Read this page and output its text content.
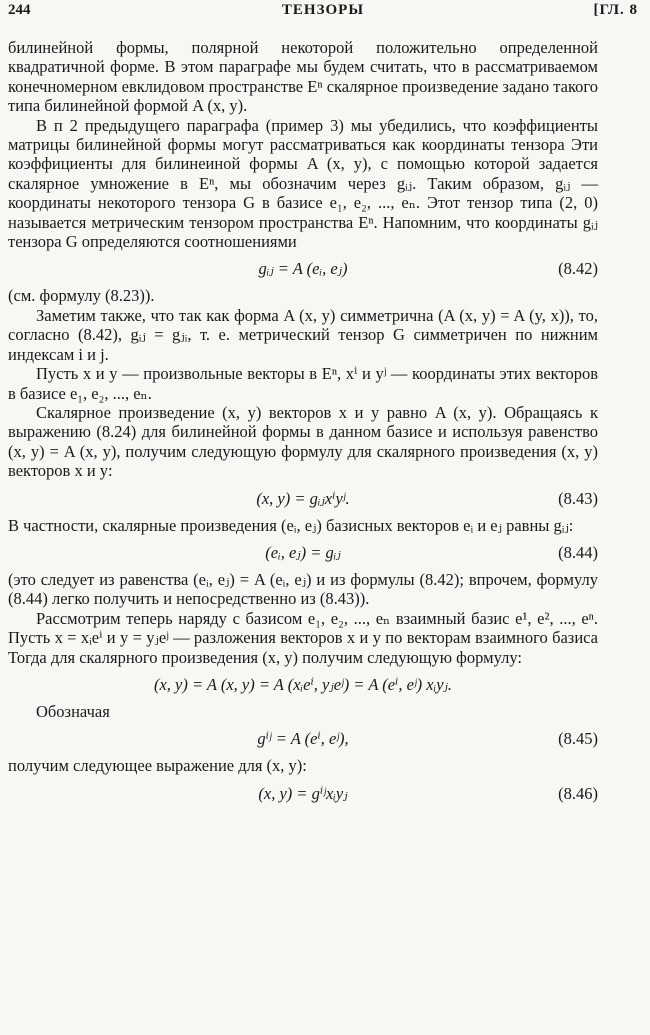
244	ТЕНЗОРЫ	[ГЛ. 8

билинейной формы, полярной некоторой положительно определенной квадратичной форме. В этом параграфе мы будем считать, что в рассматриваемом конечномерном евклидовом пространстве Eⁿ скалярное произведение задано такого типа билинейной формой A (x, y).

В п 2 предыдущего параграфа (пример 3) мы убедились, что коэффициенты матрицы билинейной формы могут рассматриваться как координаты тензора Эти коэффициенты для билинеиной формы A (x, y), с помощью которой задается скалярное умножение в Eⁿ, мы обозначим через gᵢⱼ. Таким образом, gᵢⱼ — координаты некоторого тензора G в базисе e₁, e₂, ..., eₙ. Этот тензор типа (2, 0) называется метрическим тензором пространства Eⁿ. Напомним, что координаты gᵢⱼ тензора G определяются соотношениями

gᵢⱼ = A (eᵢ, eⱼ)	(8.42)

(см. формулу (8.23)).

Заметим также, что так как форма A (x, y) симметрична (A (x, y) = A (y, x)), то, согласно (8.42), gᵢⱼ = gⱼᵢ, т. е. метрический тензор G симметричен по нижним индексам i и j.

Пусть x и y — произвольные векторы в Eⁿ, xⁱ и yʲ — координаты этих векторов в базисе e₁, e₂, ..., eₙ.

Скалярное произведение (x, y) векторов x и y равно A (x, y). Обращаясь к выражению (8.24) для билинейной формы в данном базисе и используя равенство (x, y) = A (x, y), получим следующую формулу для скалярного произведения (x, y) векторов x и y:

(x, y) = gᵢⱼxⁱyʲ.	(8.43)

В частности, скалярные произведения (eᵢ, eⱼ) базисных векторов eᵢ и eⱼ равны gᵢⱼ:

(eᵢ, eⱼ) = gᵢⱼ	(8.44)

(это следует из равенства (eᵢ, eⱼ) = A (eᵢ, eⱼ) и из формулы (8.42); впрочем, формулу (8.44) легко получить и непосредственно из (8.43)).

Рассмотрим теперь наряду с базисом e₁, e₂, ..., eₙ взаимный базис e¹, e², ..., eⁿ. Пусть x = xᵢeⁱ и y = yⱼeʲ — разложения векторов x и y по векторам взаимного базиса Тогда для скалярного произведения (x, y) получим следующую формулу:

(x, y) = A (x, y) = A (xᵢeⁱ, yⱼeʲ) = A (eⁱ, eʲ) xᵢyⱼ.

Обозначая

gⁱʲ = A (eⁱ, eʲ),	(8.45)

получим следующее выражение для (x, y):

(x, y) = gⁱʲxᵢyⱼ	(8.46)
